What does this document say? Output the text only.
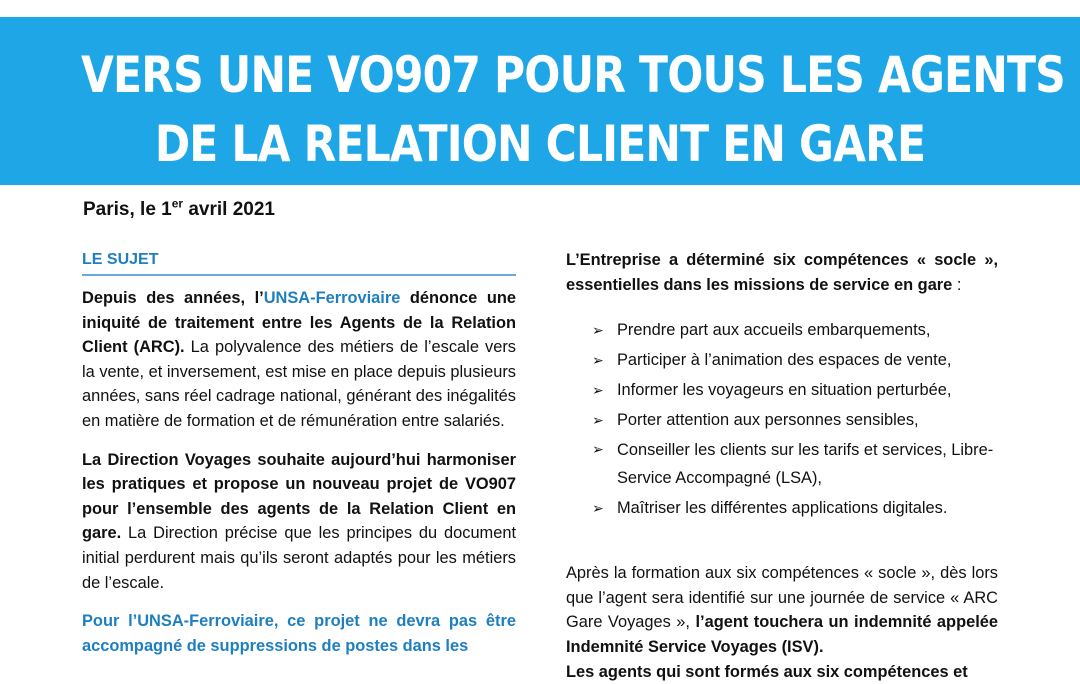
VERS UNE VO907 POUR TOUS LES AGENTS
DE LA RELATION CLIENT EN GARE
Paris, le 1er avril 2021
LE SUJET

Depuis des années, l’UNSA-Ferroviaire dénonce une iniquité de traitement entre les Agents de la Relation Client (ARC). La polyvalence des métiers de l’escale vers la vente, et inversement, est mise en place depuis plusieurs années, sans réel cadrage national, générant des inégalités en matière de formation et de rémunération entre salariés.

La Direction Voyages souhaite aujourd’hui harmoniser les pratiques et propose un nouveau projet de VO907 pour l’ensemble des agents de la Relation Client en gare. La Direction précise que les principes du document initial perdurent mais qu’ils seront adaptés pour les métiers de l’escale.

Pour l’UNSA-Ferroviaire, ce projet ne devra pas être accompagné de suppressions de postes dans les

L’Entreprise a déterminé six compétences « socle », essentielles dans les missions de service en gare :

➢ Prendre part aux accueils embarquements,
➢ Participer à l’animation des espaces de vente,
➢ Informer les voyageurs en situation perturbée,
➢ Porter attention aux personnes sensibles,
➢ Conseiller les clients sur les tarifs et services, Libre-Service Accompagné (LSA),
➢ Maîtriser les différentes applications digitales.

Après la formation aux six compétences « socle », dès lors que l’agent sera identifié sur une journée de service « ARC Gare Voyages », l’agent touchera un indemnité appelée Indemnité Service Voyages (ISV).

Les agents qui sont formés aux six compétences et
